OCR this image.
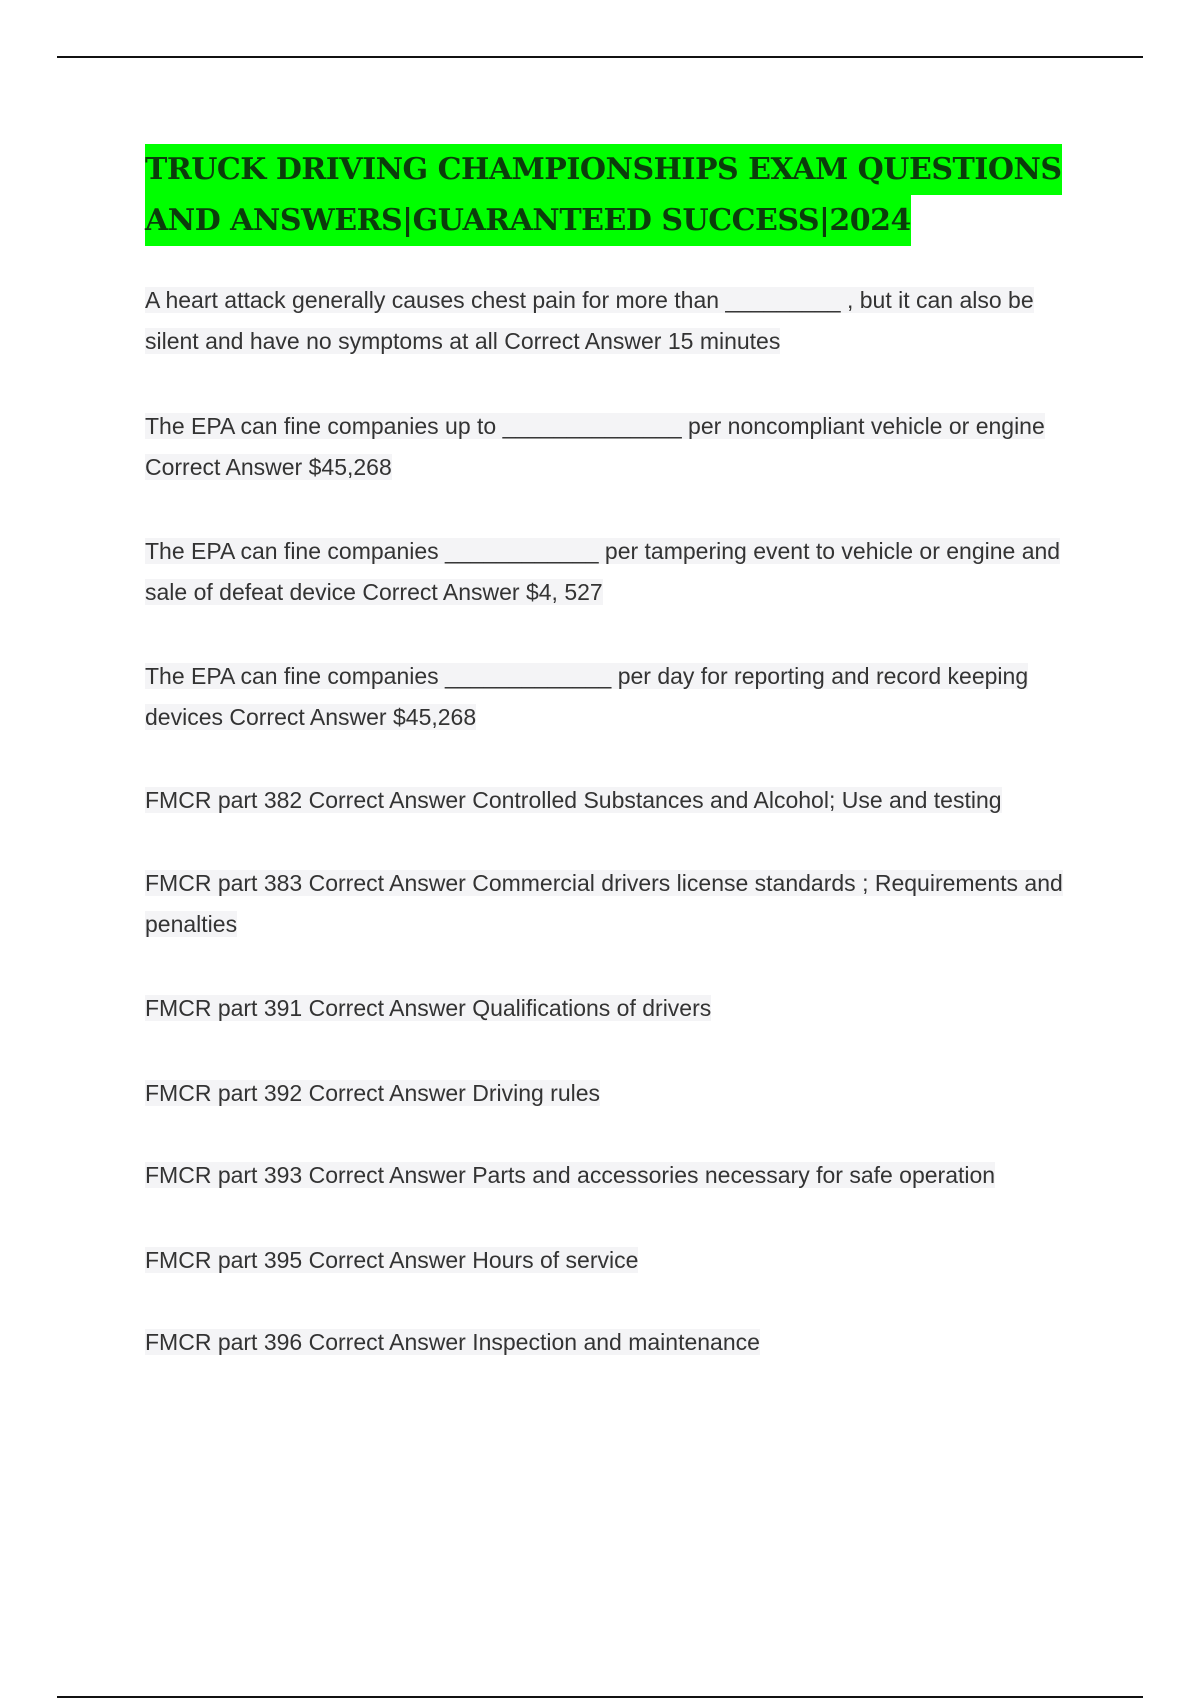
TRUCK DRIVING CHAMPIONSHIPS EXAM QUESTIONS
AND ANSWERS|GUARANTEED SUCCESS|2024

A heart attack generally causes chest pain for more than _________ , but it can also be silent and have no symptoms at all Correct Answer 15 minutes

The EPA can fine companies up to ______________ per noncompliant vehicle or engine Correct Answer $45,268

The EPA can fine companies ____________ per tampering event to vehicle or engine and sale of defeat device Correct Answer $4, 527

The EPA can fine companies _____________ per day for reporting and record keeping devices Correct Answer $45,268

FMCR part 382 Correct Answer Controlled Substances and Alcohol; Use and testing

FMCR part 383 Correct Answer Commercial drivers license standards ; Requirements and penalties

FMCR part 391 Correct Answer Qualifications of drivers

FMCR part 392 Correct Answer Driving rules

FMCR part 393 Correct Answer Parts and accessories necessary for safe operation

FMCR part 395 Correct Answer Hours of service

FMCR part 396 Correct Answer Inspection and maintenance
